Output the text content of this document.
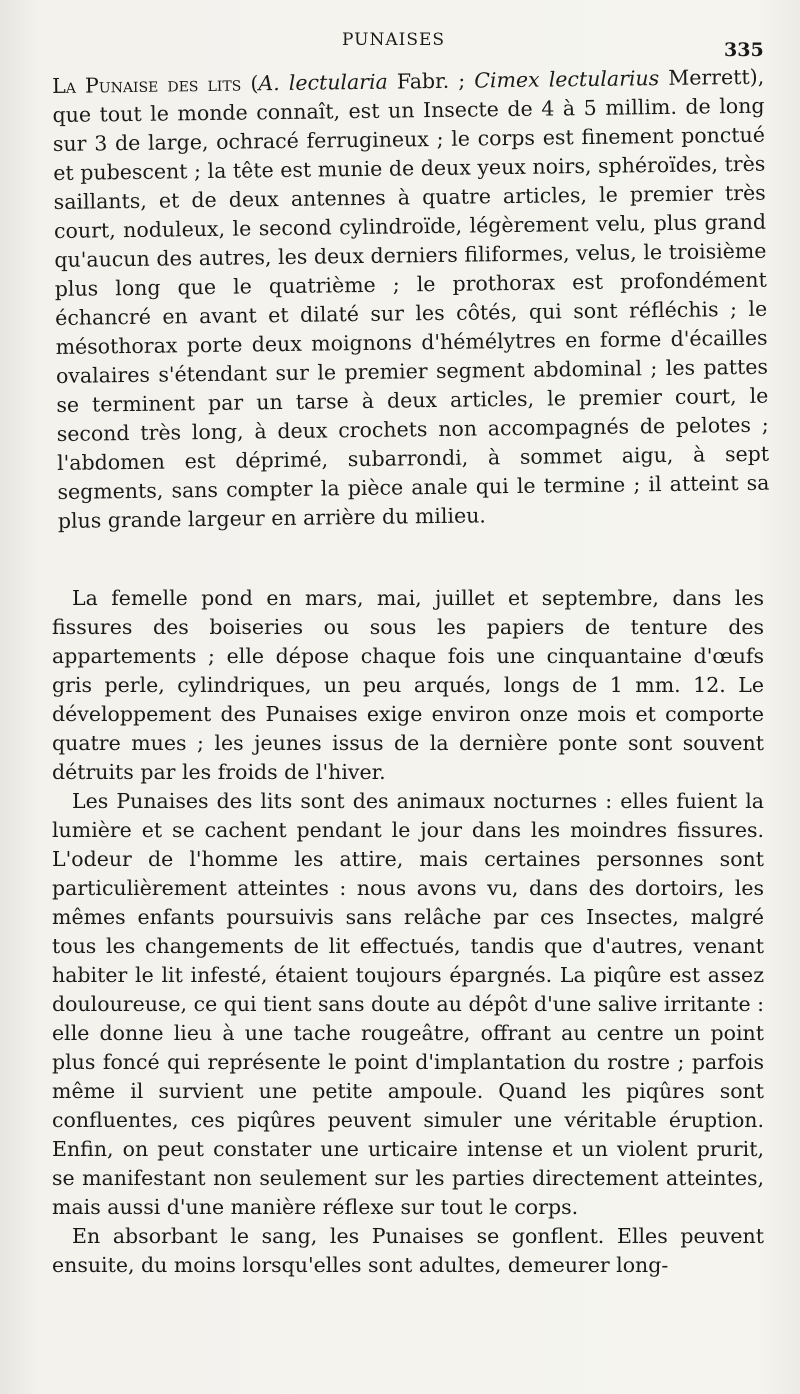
PUNAISES	335

La Punaise des lits (A. lectularia Fabr. ; Cimex lectularius Merrett), que tout le monde connaît, est un Insecte de 4 à 5 millim. de long sur 3 de large, ochracé ferrugineux ; le corps est finement ponctué et pubescent ; la tête est munie de deux yeux noirs, sphéroïdes, très saillants, et de deux antennes à quatre articles, le premier très court, noduleux, le second cylindroïde, légèrement velu, plus grand qu'aucun des autres, les deux derniers filiformes, velus, le troisième plus long que le quatrième ; le prothorax est profondément échancré en avant et dilaté sur les côtés, qui sont réfléchis ; le mésothorax porte deux moignons d'hémélytres en forme d'écailles ovalaires s'étendant sur le premier segment abdominal ; les pattes se terminent par un tarse à deux articles, le premier court, le second très long, à deux crochets non accompagnés de pelotes ; l'abdomen est déprimé, subarrondi, à sommet aigu, à sept segments, sans compter la pièce anale qui le termine ; il atteint sa plus grande largeur en arrière du milieu.

La femelle pond en mars, mai, juillet et septembre, dans les fissures des boiseries ou sous les papiers de tenture des appartements ; elle dépose chaque fois une cinquantaine d'œufs gris perle, cylindriques, un peu arqués, longs de 1 mm. 12. Le développement des Punaises exige environ onze mois et comporte quatre mues ; les jeunes issus de la dernière ponte sont souvent détruits par les froids de l'hiver.

Les Punaises des lits sont des animaux nocturnes : elles fuient la lumière et se cachent pendant le jour dans les moindres fissures. L'odeur de l'homme les attire, mais certaines personnes sont particulièrement atteintes : nous avons vu, dans des dortoirs, les mêmes enfants poursuivis sans relâche par ces Insectes, malgré tous les changements de lit effectués, tandis que d'autres, venant habiter le lit infesté, étaient toujours épargnés. La piqûre est assez douloureuse, ce qui tient sans doute au dépôt d'une salive irritante : elle donne lieu à une tache rougeâtre, offrant au centre un point plus foncé qui représente le point d'implantation du rostre ; parfois même il survient une petite ampoule. Quand les piqûres sont confluentes, ces piqûres peuvent simuler une véritable éruption. Enfin, on peut constater une urticaire intense et un violent prurit, se manifestant non seulement sur les parties directement atteintes, mais aussi d'une manière réflexe sur tout le corps.

En absorbant le sang, les Punaises se gonflent. Elles peuvent ensuite, du moins lorsqu'elles sont adultes, demeurer long-
